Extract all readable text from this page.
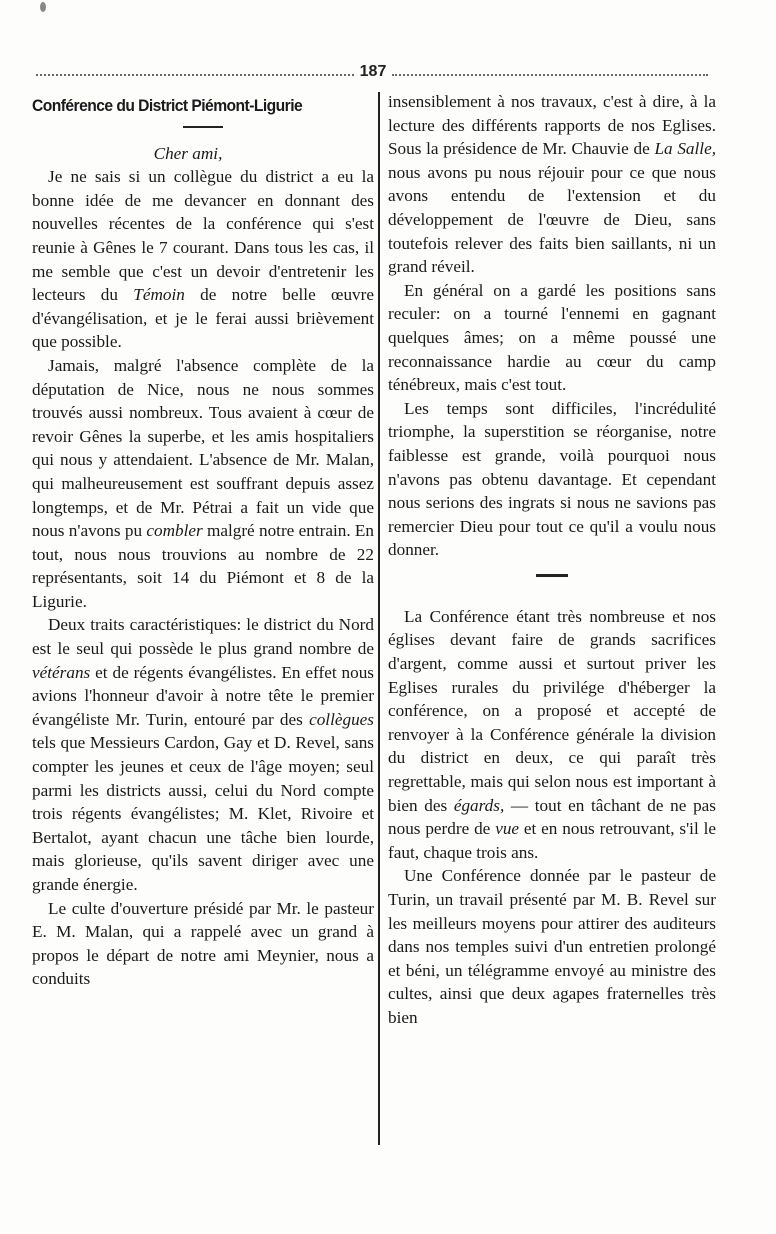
187
Conférence du District Piémont-Ligurie
Cher ami,

Je ne sais si un collègue du district a eu la bonne idée de me devancer en donnant des nouvelles récentes de la conférence qui s'est reunie à Gênes le 7 courant. Dans tous les cas, il me semble que c'est un devoir d'entretenir les lecteurs du Témoin de notre belle œuvre d'évangélisation, et je le ferai aussi brièvement que possible.

Jamais, malgré l'absence complète de la députation de Nice, nous ne nous sommes trouvés aussi nombreux. Tous avaient à cœur de revoir Gênes la superbe, et les amis hospitaliers qui nous y attendaient. L'absence de Mr. Malan, qui malheureusement est souffrant depuis assez longtemps, et de Mr. Pétrai a fait un vide que nous n'avons pu combler malgré notre entrain. En tout, nous nous trouvions au nombre de 22 représentants, soit 14 du Piémont et 8 de la Ligurie.

Deux traits caractéristiques: le district du Nord est le seul qui possède le plus grand nombre de vétérans et de régents évangélistes. En effet nous avions l'honneur d'avoir à notre tête le premier évangéliste Mr. Turin, entouré par des collègues tels que Messieurs Cardon, Gay et D. Revel, sans compter les jeunes et ceux de l'âge moyen; seul parmi les districts aussi, celui du Nord compte trois régents évangélistes; M. Klet, Rivoire et Bertalot, ayant chacun une tâche bien lourde, mais glorieuse, qu'ils savent diriger avec une grande énergie.

Le culte d'ouverture présidé par Mr. le pasteur E. M. Malan, qui a rappelé avec un grand à propos le départ de notre ami Meynier, nous a conduits

insensiblement à nos travaux, c'est à dire, à la lecture des différents rapports de nos Eglises. Sous la présidence de Mr. Chauvie de La Salle, nous avons pu nous réjouir pour ce que nous avons entendu de l'extension et du développement de l'œuvre de Dieu, sans toutefois relever des faits bien saillants, ni un grand réveil.

En général on a gardé les positions sans reculer: on a tourné l'ennemi en gagnant quelques âmes; on a même poussé une reconnaissance hardie au cœur du camp ténébreux, mais c'est tout.

Les temps sont difficiles, l'incrédulité triomphe, la superstition se réorganise, notre faiblesse est grande, voilà pourquoi nous n'avons pas obtenu davantage. Et cependant nous serions des ingrats si nous ne savions pas remercier Dieu pour tout ce qu'il a voulu nous donner.

La Conférence étant très nombreuse et nos églises devant faire de grands sacrifices d'argent, comme aussi et surtout priver les Eglises rurales du privilége d'héberger la conférence, on a proposé et accepté de renvoyer à la Conférence générale la division du district en deux, ce qui paraît très regrettable, mais qui selon nous est important à bien des égards, — tout en tâchant de ne pas nous perdre de vue et en nous retrouvant, s'il le faut, chaque trois ans.

Une Conférence donnée par le pasteur de Turin, un travail présenté par M. B. Revel sur les meilleurs moyens pour attirer des auditeurs dans nos temples suivi d'un entretien prolongé et béni, un télégramme envoyé au ministre des cultes, ainsi que deux agapes fraternelles très bien
